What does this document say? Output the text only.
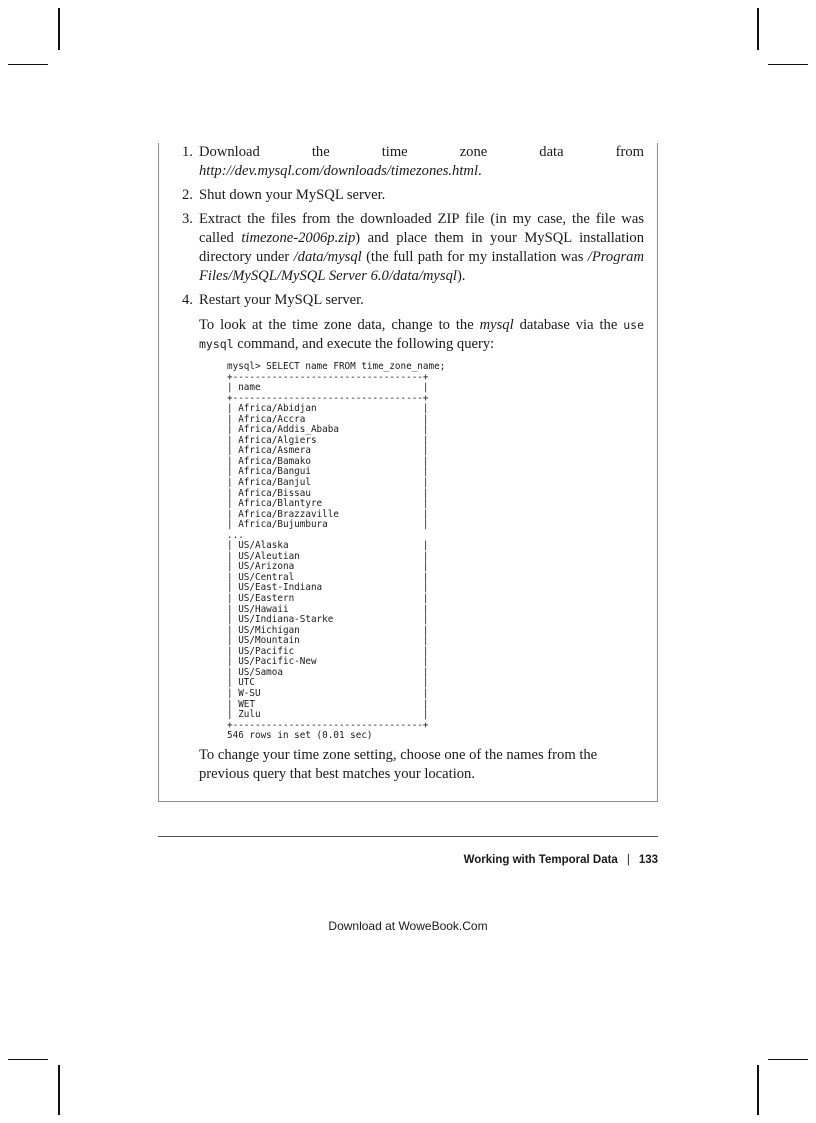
1. Download the time zone data from http://dev.mysql.com/downloads/timezones.html.
2. Shut down your MySQL server.
3. Extract the files from the downloaded ZIP file (in my case, the file was called timezone-2006p.zip) and place them in your MySQL installation directory under /data/mysql (the full path for my installation was /Program Files/MySQL/MySQL Server 6.0/data/mysql).
4. Restart your MySQL server.
To look at the time zone data, change to the mysql database via the use mysql command, and execute the following query:
mysql> SELECT name FROM time_zone_name;
+----------------------------------+
| name                             |
+----------------------------------+
| Africa/Abidjan                   |
| Africa/Accra                     |
| Africa/Addis_Ababa               |
| Africa/Algiers                   |
| Africa/Asmera                    |
| Africa/Bamako                    |
| Africa/Bangui                    |
| Africa/Banjul                    |
| Africa/Bissau                    |
| Africa/Blantyre                  |
| Africa/Brazzaville               |
| Africa/Bujumbura                 |
...
| US/Alaska                        |
| US/Aleutian                      |
| US/Arizona                       |
| US/Central                       |
| US/East-Indiana                  |
| US/Eastern                       |
| US/Hawaii                        |
| US/Indiana-Starke                |
| US/Michigan                      |
| US/Mountain                      |
| US/Pacific                       |
| US/Pacific-New                   |
| US/Samoa                         |
| UTC                              |
| W-SU                             |
| WET                              |
| Zulu                             |
+----------------------------------+
546 rows in set (0.01 sec)

To change your time zone setting, choose one of the names from the previous query that best matches your location.

Working with Temporal Data | 133
Download at WoweBook.Com
